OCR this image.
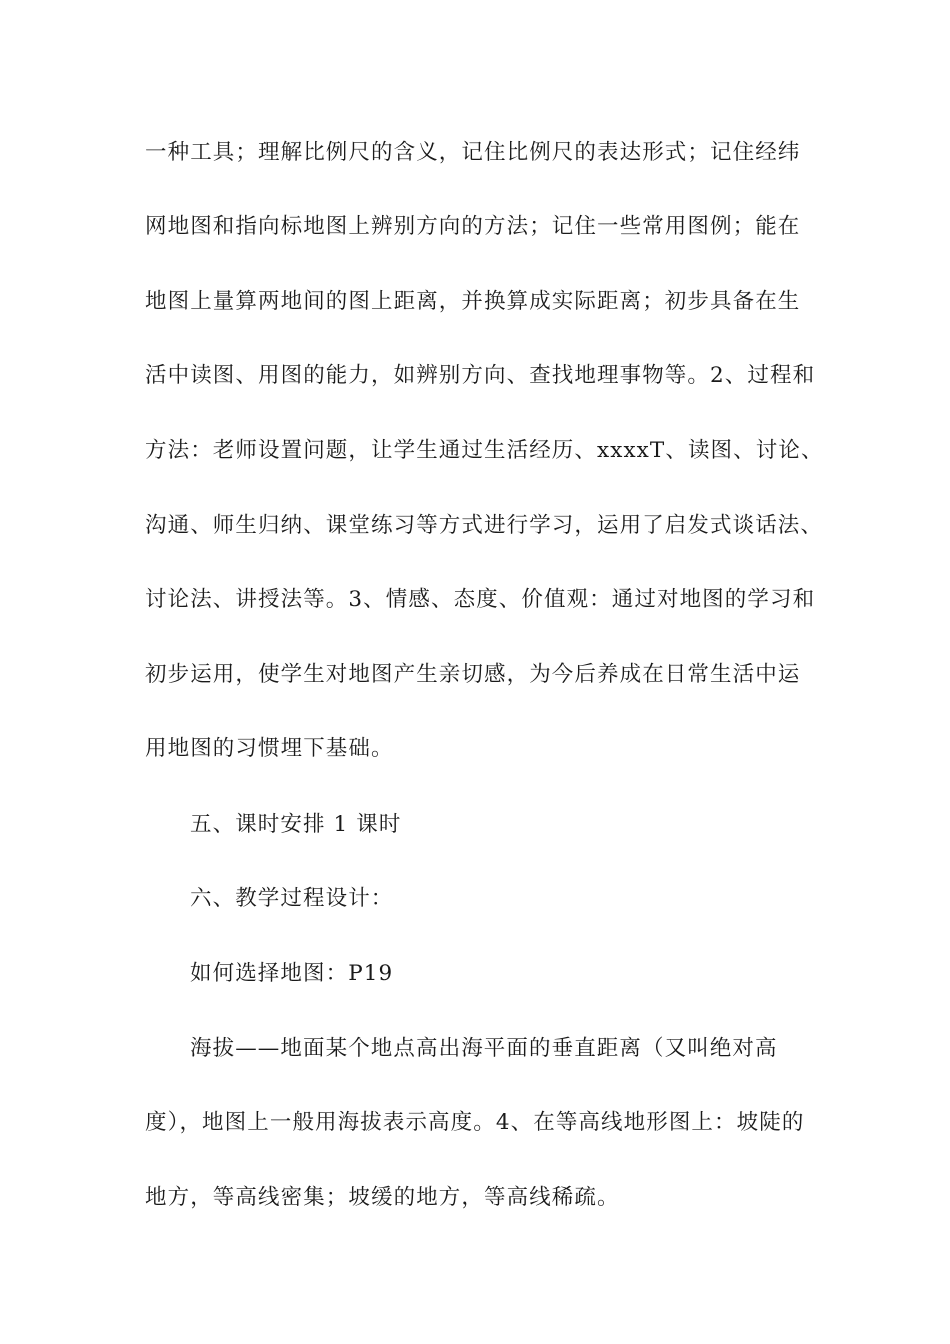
一种工具；理解比例尺的含义，记住比例尺的表达形式；记住经纬
网地图和指向标地图上辨别方向的方法；记住一些常用图例；能在
地图上量算两地间的图上距离，并换算成实际距离；初步具备在生
活中读图、用图的能力，如辨别方向、查找地理事物等。2、过程和
方法：老师设置问题，让学生通过生活经历、xxxxT、读图、讨论、
沟通、师生归纳、课堂练习等方式进行学习，运用了启发式谈话法、
讨论法、讲授法等。3、情感、态度、价值观：通过对地图的学习和
初步运用，使学生对地图产生亲切感，为今后养成在日常生活中运
用地图的习惯埋下基础。
五、课时安排 1 课时
六、教学过程设计：
如何选择地图：P19
海拔——地面某个地点高出海平面的垂直距离（又叫绝对高
度），地图上一般用海拔表示高度。4、在等高线地形图上：坡陡的
地方，等高线密集；坡缓的地方，等高线稀疏。
